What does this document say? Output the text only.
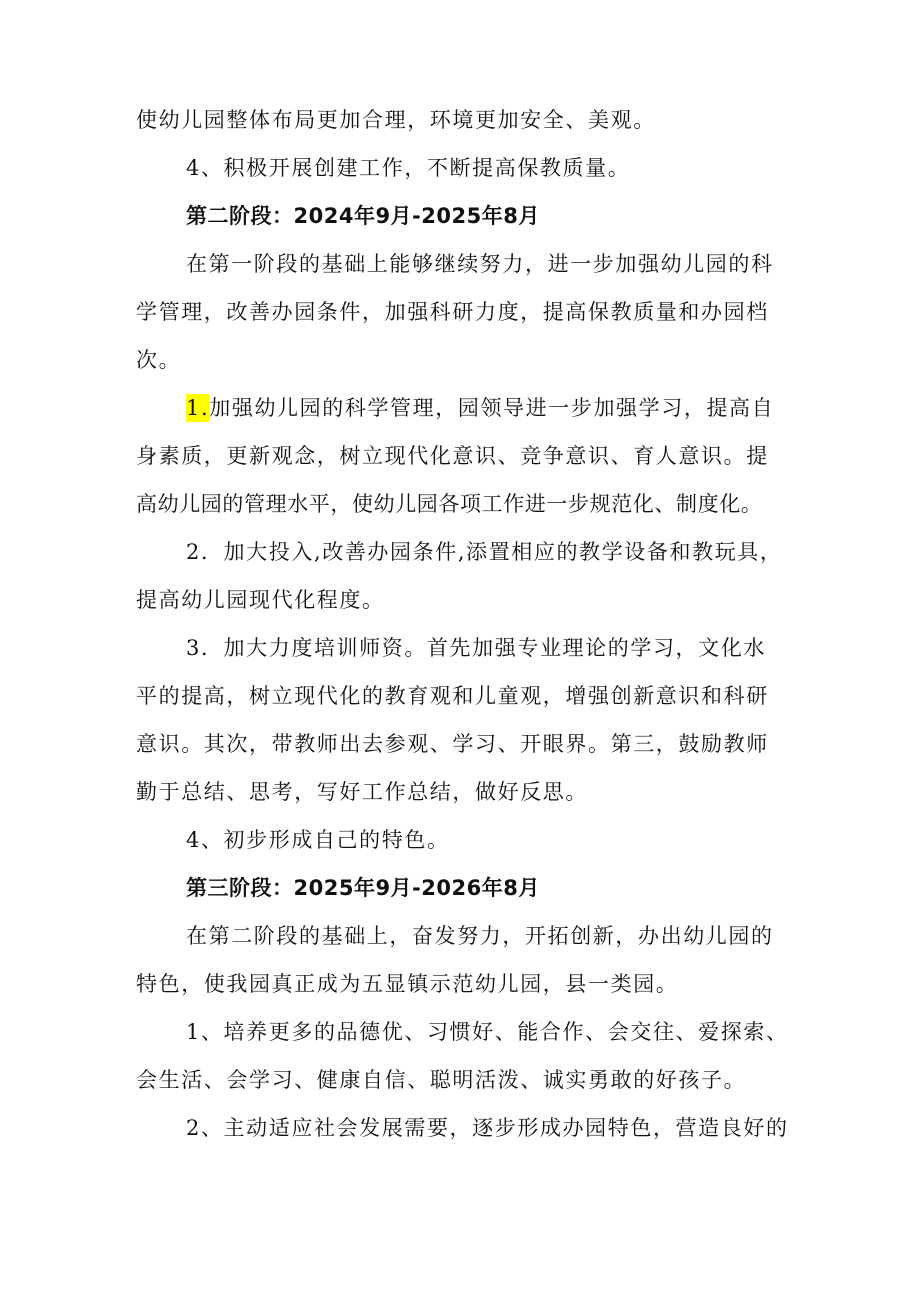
使幼儿园整体布局更加合理，环境更加安全、美观。
4、积极开展创建工作，不断提高保教质量。
第二阶段：2024年9月-2025年8月
在第一阶段的基础上能够继续努力，进一步加强幼儿园的科
学管理，改善办园条件，加强科研力度，提高保教质量和办园档
次。
1.加强幼儿园的科学管理，园领导进一步加强学习，提高自
身素质，更新观念，树立现代化意识、竞争意识、育人意识。提
高幼儿园的管理水平，使幼儿园各项工作进一步规范化、制度化。
2．加大投入,改善办园条件,添置相应的教学设备和教玩具，
提高幼儿园现代化程度。
3．加大力度培训师资。首先加强专业理论的学习，文化水
平的提高，树立现代化的教育观和儿童观，增强创新意识和科研
意识。其次，带教师出去参观、学习、开眼界。第三，鼓励教师
勤于总结、思考，写好工作总结，做好反思。
4、初步形成自己的特色。
第三阶段：2025年9月-2026年8月
在第二阶段的基础上，奋发努力，开拓创新，办出幼儿园的
特色，使我园真正成为五显镇示范幼儿园，县一类园。
1、培养更多的品德优、习惯好、能合作、会交往、爱探索、
会生活、会学习、健康自信、聪明活泼、诚实勇敢的好孩子。
2、主动适应社会发展需要，逐步形成办园特色，营造良好的
